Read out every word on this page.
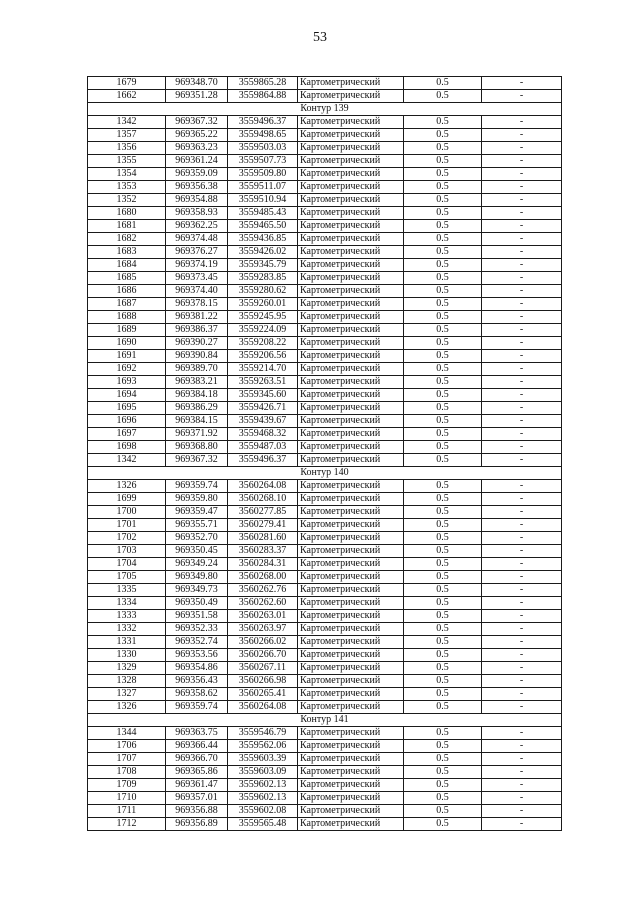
53
1679	969348.70	3559865.28	Картометрический	0.5	-
1662	969351.28	3559864.88	Картометрический	0.5	-
Контур 139					
1342	969367.32	3559496.37	Картометрический	0.5	-
1357	969365.22	3559498.65	Картометрический	0.5	-
1356	969363.23	3559503.03	Картометрический	0.5	-
1355	969361.24	3559507.73	Картометрический	0.5	-
1354	969359.09	3559509.80	Картометрический	0.5	-
1353	969356.38	3559511.07	Картометрический	0.5	-
1352	969354.88	3559510.94	Картометрический	0.5	-
1680	969358.93	3559485.43	Картометрический	0.5	-
1681	969362.25	3559465.50	Картометрический	0.5	-
1682	969374.48	3559436.85	Картометрический	0.5	-
1683	969376.27	3559426.02	Картометрический	0.5	-
1684	969374.19	3559345.79	Картометрический	0.5	-
1685	969373.45	3559283.85	Картометрический	0.5	-
1686	969374.40	3559280.62	Картометрический	0.5	-
1687	969378.15	3559260.01	Картометрический	0.5	-
1688	969381.22	3559245.95	Картометрический	0.5	-
1689	969386.37	3559224.09	Картометрический	0.5	-
1690	969390.27	3559208.22	Картометрический	0.5	-
1691	969390.84	3559206.56	Картометрический	0.5	-
1692	969389.70	3559214.70	Картометрический	0.5	-
1693	969383.21	3559263.51	Картометрический	0.5	-
1694	969384.18	3559345.60	Картометрический	0.5	-
1695	969386.29	3559426.71	Картометрический	0.5	-
1696	969384.15	3559439.67	Картометрический	0.5	-
1697	969371.92	3559468.32	Картометрический	0.5	-
1698	969368.80	3559487.03	Картометрический	0.5	-
1342	969367.32	3559496.37	Картометрический	0.5	-
Контур 140					
1326	969359.74	3560264.08	Картометрический	0.5	-
1699	969359.80	3560268.10	Картометрический	0.5	-
1700	969359.47	3560277.85	Картометрический	0.5	-
1701	969355.71	3560279.41	Картометрический	0.5	-
1702	969352.70	3560281.60	Картометрический	0.5	-
1703	969350.45	3560283.37	Картометрический	0.5	-
1704	969349.24	3560284.31	Картометрический	0.5	-
1705	969349.80	3560268.00	Картометрический	0.5	-
1335	969349.73	3560262.76	Картометрический	0.5	-
1334	969350.49	3560262.60	Картометрический	0.5	-
1333	969351.58	3560263.01	Картометрический	0.5	-
1332	969352.33	3560263.97	Картометрический	0.5	-
1331	969352.74	3560266.02	Картометрический	0.5	-
1330	969353.56	3560266.70	Картометрический	0.5	-
1329	969354.86	3560267.11	Картометрический	0.5	-
1328	969356.43	3560266.98	Картометрический	0.5	-
1327	969358.62	3560265.41	Картометрический	0.5	-
1326	969359.74	3560264.08	Картометрический	0.5	-
Контур 141					
1344	969363.75	3559546.79	Картометрический	0.5	-
1706	969366.44	3559562.06	Картометрический	0.5	-
1707	969366.70	3559603.39	Картометрический	0.5	-
1708	969365.86	3559603.09	Картометрический	0.5	-
1709	969361.47	3559602.13	Картометрический	0.5	-
1710	969357.01	3559602.13	Картометрический	0.5	-
1711	969356.88	3559602.08	Картометрический	0.5	-
1712	969356.89	3559565.48	Картометрический	0.5	-
